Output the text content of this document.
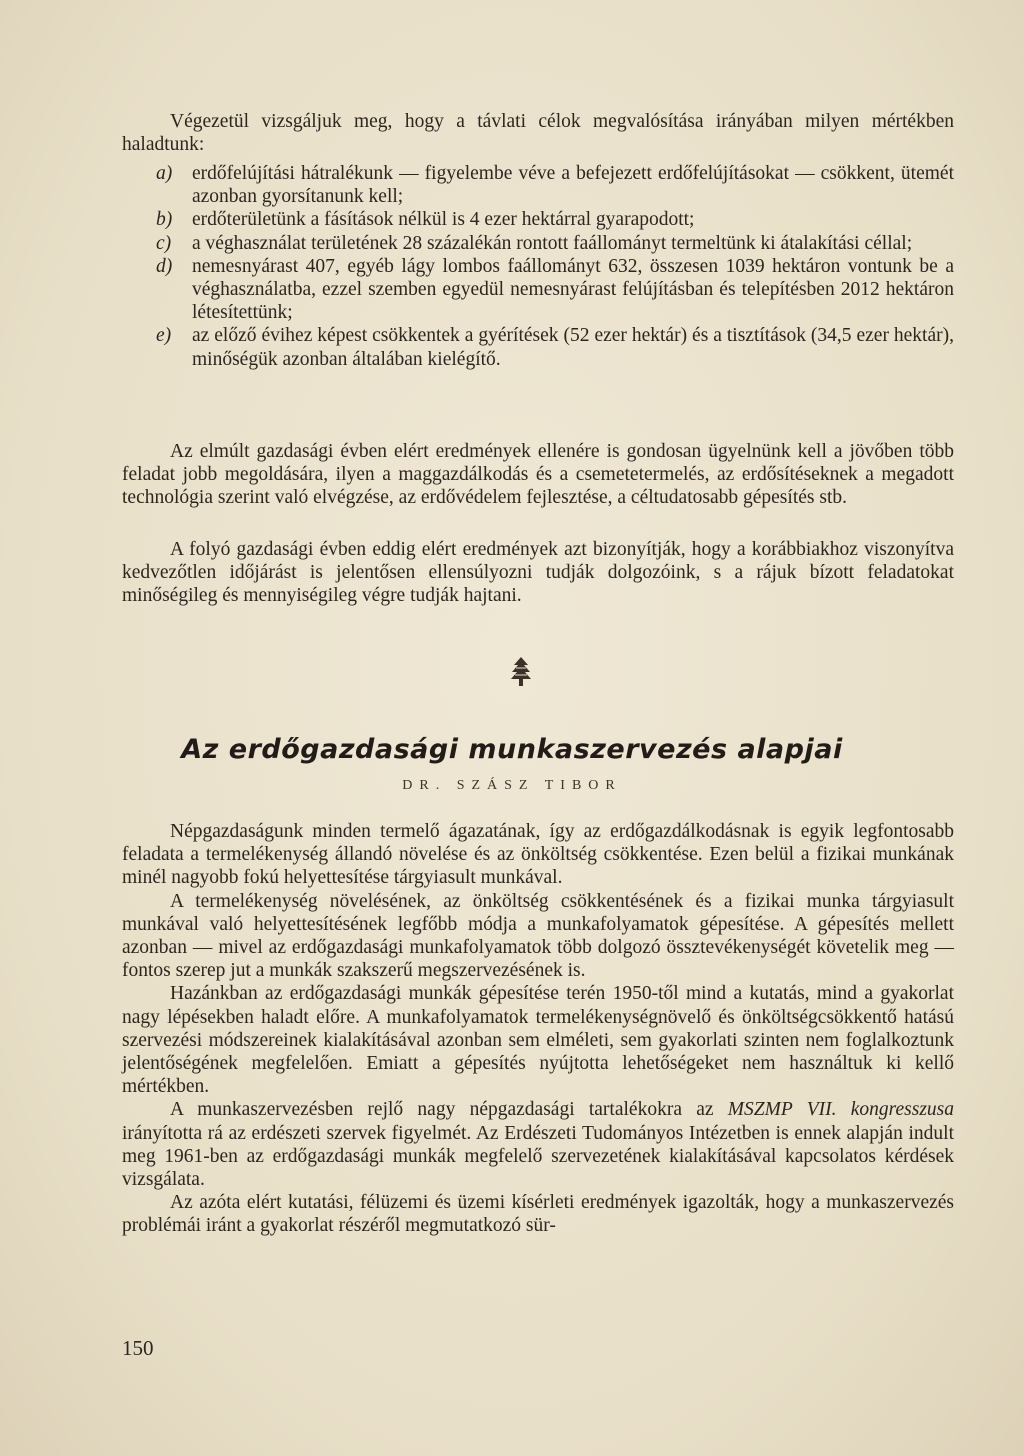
Végezetül vizsgáljuk meg, hogy a távlati célok megvalósítása irányában milyen mértékben haladtunk:

a) erdőfelújítási hátralékunk — figyelembe véve a befejezett erdőfelújításokat — csökkent, ütemét azonban gyorsítanunk kell;
b) erdőterületünk a fásítások nélkül is 4 ezer hektárral gyarapodott;
c) a véghasználat területének 28 százalékán rontott faállományt termeltünk ki átalakítási céllal;
d) nemesnyárast 407, egyéb lágy lombos faállományt 632, összesen 1039 hektáron vontunk be a véghasználatba, ezzel szemben egyedül nemesnyárast felújításban és telepítésben 2012 hektáron létesítettünk;
e) az előző évihez képest csökkentek a gyérítések (52 ezer hektár) és a tisztítások (34,5 ezer hektár), minőségük azonban általában kielégítő.

Az elmúlt gazdasági évben elért eredmények ellenére is gondosan ügyelnünk kell a jövőben több feladat jobb megoldására, ilyen a maggazdálkodás és a csemetetermelés, az erdősítéseknek a megadott technológia szerint való elvégzése, az erdővédelem fejlesztése, a céltudatosabb gépesítés stb.

A folyó gazdasági évben eddig elért eredmények azt bizonyítják, hogy a korábbiakhoz viszonyítva kedvezőtlen időjárást is jelentősen ellensúlyozni tudják dolgozóink, s a rájuk bízott feladatokat minőségileg és mennyiségileg végre tudják hajtani.

Az erdőgazdasági munkaszervezés alapjai
DR. SZÁSZ TIBOR

Népgazdaságunk minden termelő ágazatának, így az erdőgazdálkodásnak is egyik legfontosabb feladata a termelékenység állandó növelése és az önköltség csökkentése. Ezen belül a fizikai munkának minél nagyobb fokú helyettesítése tárgyiasult munkával.

A termelékenység növelésének, az önköltség csökkentésének és a fizikai munka tárgyiasult munkával való helyettesítésének legfőbb módja a munkafolyamatok gépesítése. A gépesítés mellett azonban — mivel az erdőgazdasági munkafolyamatok több dolgozó össztevékenységét követelik meg — fontos szerep jut a munkák szakszerű megszervezésének is.

Hazánkban az erdőgazdasági munkák gépesítése terén 1950-től mind a kutatás, mind a gyakorlat nagy lépésekben haladt előre. A munkafolyamatok termelékenységnövelő és önköltségcsökkentő hatású szervezési módszereinek kialakításával azonban sem elméleti, sem gyakorlati szinten nem foglalkoztunk jelentőségének megfelelően. Emiatt a gépesítés nyújtotta lehetőségeket nem használtuk ki kellő mértékben.

A munkaszervezésben rejlő nagy népgazdasági tartalékokra az MSZMP VII. kongresszusa irányította rá az erdészeti szervek figyelmét. Az Erdészeti Tudományos Intézetben is ennek alapján indult meg 1961-ben az erdőgazdasági munkák megfelelő szervezetének kialakításával kapcsolatos kérdések vizsgálata.

Az azóta elért kutatási, félüzemi és üzemi kísérleti eredmények igazolták, hogy a munkaszervezés problémái iránt a gyakorlat részéről megmutatkozó sür-

150
